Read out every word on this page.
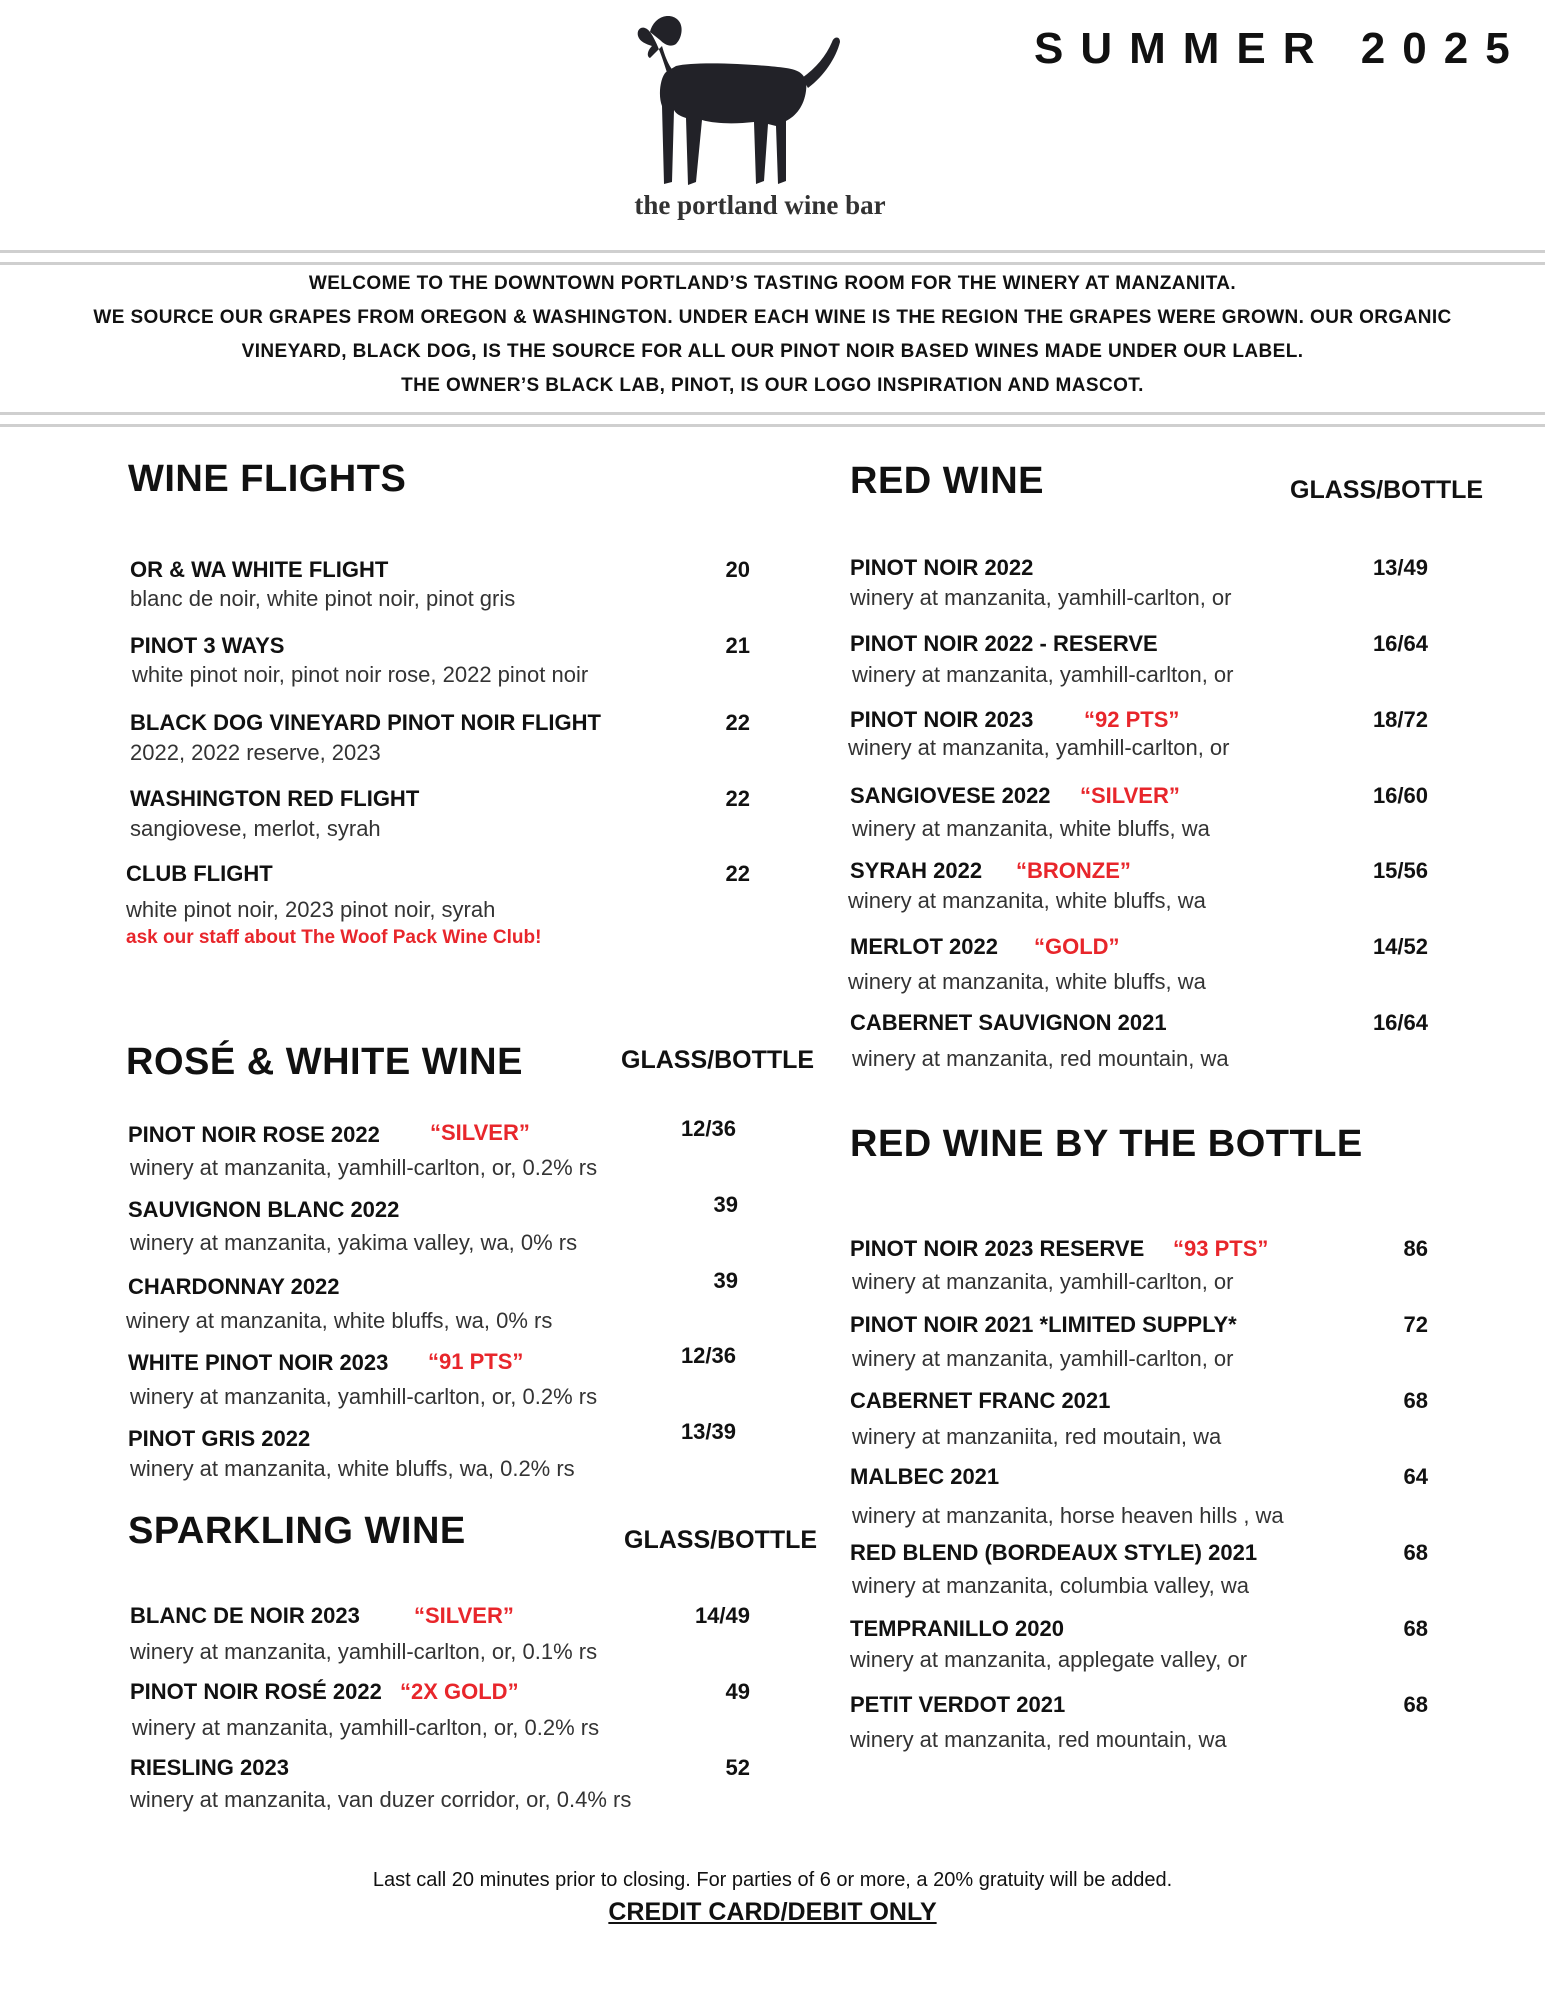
SUMMER 2025
the portland wine bar
WELCOME TO THE DOWNTOWN PORTLAND’S TASTING ROOM FOR THE WINERY AT MANZANITA.
WE SOURCE OUR GRAPES FROM OREGON & WASHINGTON. UNDER EACH WINE IS THE REGION THE GRAPES WERE GROWN. OUR ORGANIC
VINEYARD, BLACK DOG, IS THE SOURCE FOR ALL OUR PINOT NOIR BASED WINES MADE UNDER OUR LABEL.
THE OWNER’S BLACK LAB, PINOT, IS OUR LOGO INSPIRATION AND MASCOT.
WINE FLIGHTS
OR & WA WHITE FLIGHT	20
blanc de noir, white pinot noir, pinot gris
PINOT 3 WAYS	21
white pinot noir, pinot noir rose, 2022 pinot noir
BLACK DOG VINEYARD PINOT NOIR FLIGHT	22
2022, 2022 reserve, 2023
WASHINGTON RED FLIGHT	22
sangiovese, merlot, syrah
CLUB FLIGHT	22
white pinot noir, 2023 pinot noir, syrah
ask our staff about The Woof Pack Wine Club!
ROSÉ & WHITE WINE	GLASS/BOTTLE
PINOT NOIR ROSE 2022 “SILVER”	12/36
winery at manzanita, yamhill-carlton, or, 0.2% rs
SAUVIGNON BLANC 2022	39
winery at manzanita, yakima valley, wa, 0% rs
CHARDONNAY 2022	39
winery at manzanita, white bluffs, wa, 0% rs
WHITE PINOT NOIR 2023 “91 PTS”	12/36
winery at manzanita, yamhill-carlton, or, 0.2% rs
PINOT GRIS 2022	13/39
winery at manzanita, white bluffs, wa, 0.2% rs
SPARKLING WINE	GLASS/BOTTLE
BLANC DE NOIR 2023 “SILVER”	14/49
winery at manzanita, yamhill-carlton, or, 0.1% rs
PINOT NOIR ROSÉ 2022 “2X GOLD”	49
winery at manzanita, yamhill-carlton, or, 0.2% rs
RIESLING 2023	52
winery at manzanita, van duzer corridor, or, 0.4% rs
RED WINE	GLASS/BOTTLE
PINOT NOIR 2022	13/49
winery at manzanita, yamhill-carlton, or
PINOT NOIR 2022 - RESERVE	16/64
winery at manzanita, yamhill-carlton, or
PINOT NOIR 2023 “92 PTS”	18/72
winery at manzanita, yamhill-carlton, or
SANGIOVESE 2022 “SILVER”	16/60
winery at manzanita, white bluffs, wa
SYRAH 2022 “BRONZE”	15/56
winery at manzanita, white bluffs, wa
MERLOT 2022 “GOLD”	14/52
winery at manzanita, white bluffs, wa
CABERNET SAUVIGNON 2021	16/64
winery at manzanita, red mountain, wa
RED WINE BY THE BOTTLE
PINOT NOIR 2023 RESERVE “93 PTS”	86
winery at manzanita, yamhill-carlton, or
PINOT NOIR 2021 *LIMITED SUPPLY*	72
winery at manzanita, yamhill-carlton, or
CABERNET FRANC 2021	68
winery at manzaniita, red moutain, wa
MALBEC 2021	64
winery at manzanita, horse heaven hills , wa
RED BLEND (BORDEAUX STYLE) 2021	68
winery at manzanita, columbia valley, wa
TEMPRANILLO 2020	68
winery at manzanita, applegate valley, or
PETIT VERDOT 2021	68
winery at manzanita, red mountain, wa
Last call 20 minutes prior to closing. For parties of 6 or more, a 20% gratuity will be added.
CREDIT CARD/DEBIT ONLY
